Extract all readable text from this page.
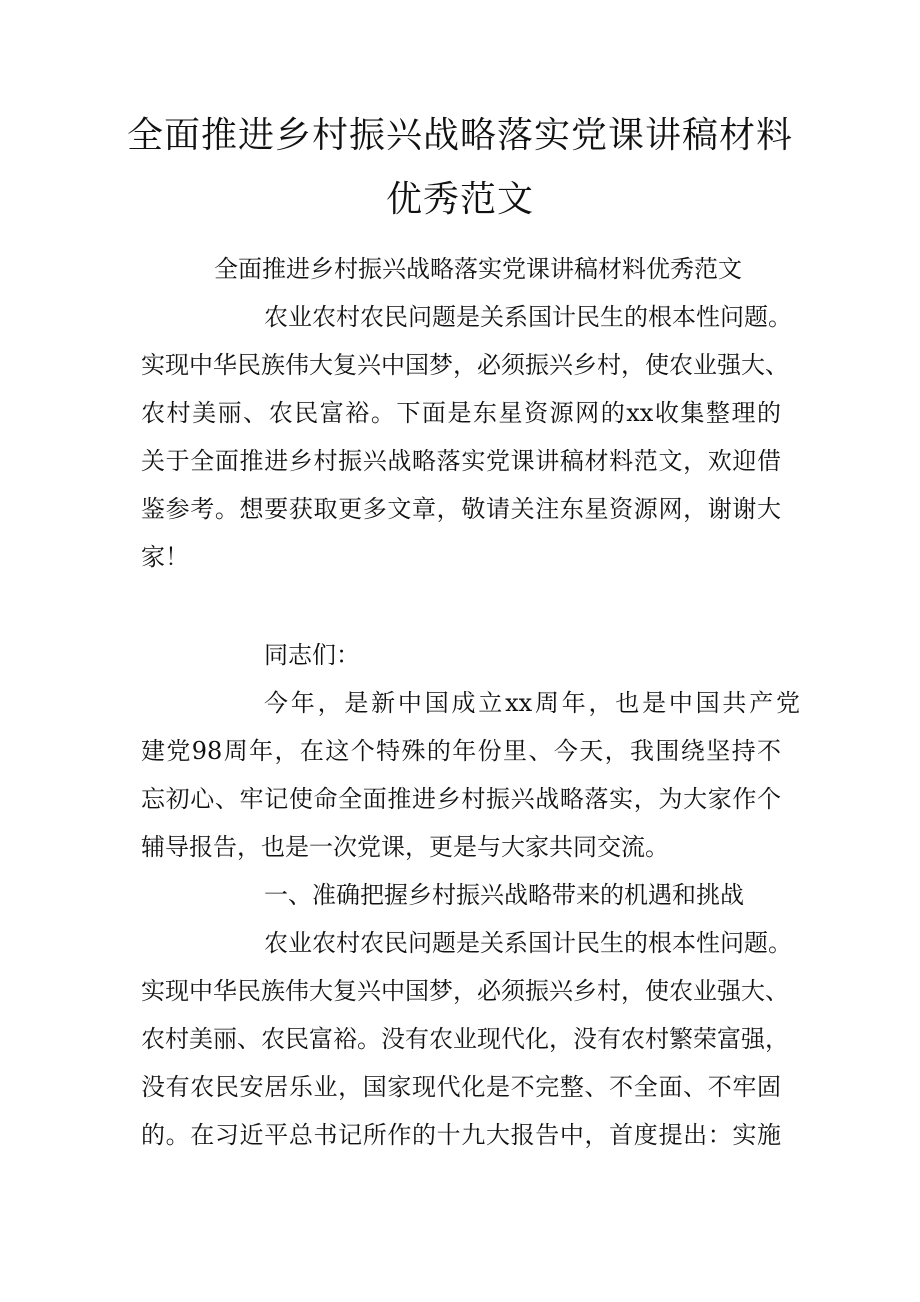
全面推进乡村振兴战略落实党课讲稿材料
优秀范文
全面推进乡村振兴战略落实党课讲稿材料优秀范文
农业农村农民问题是关系国计民生的根本性问题。
实现中华民族伟大复兴中国梦，必须振兴乡村，使农业强大、
农村美丽、农民富裕。下面是东星资源网的xx收集整理的
关于全面推进乡村振兴战略落实党课讲稿材料范文，欢迎借
鉴参考。想要获取更多文章，敬请关注东星资源网，谢谢大
家！
同志们：
今年，是新中国成立xx周年，也是中国共产党
建党98周年，在这个特殊的年份里、今天，我围绕坚持不
忘初心、牢记使命全面推进乡村振兴战略落实，为大家作个
辅导报告，也是一次党课，更是与大家共同交流。
一、准确把握乡村振兴战略带来的机遇和挑战
农业农村农民问题是关系国计民生的根本性问题。
实现中华民族伟大复兴中国梦，必须振兴乡村，使农业强大、
农村美丽、农民富裕。没有农业现代化，没有农村繁荣富强，
没有农民安居乐业，国家现代化是不完整、不全面、不牢固
的。在习近平总书记所作的十九大报告中，首度提出：实施
